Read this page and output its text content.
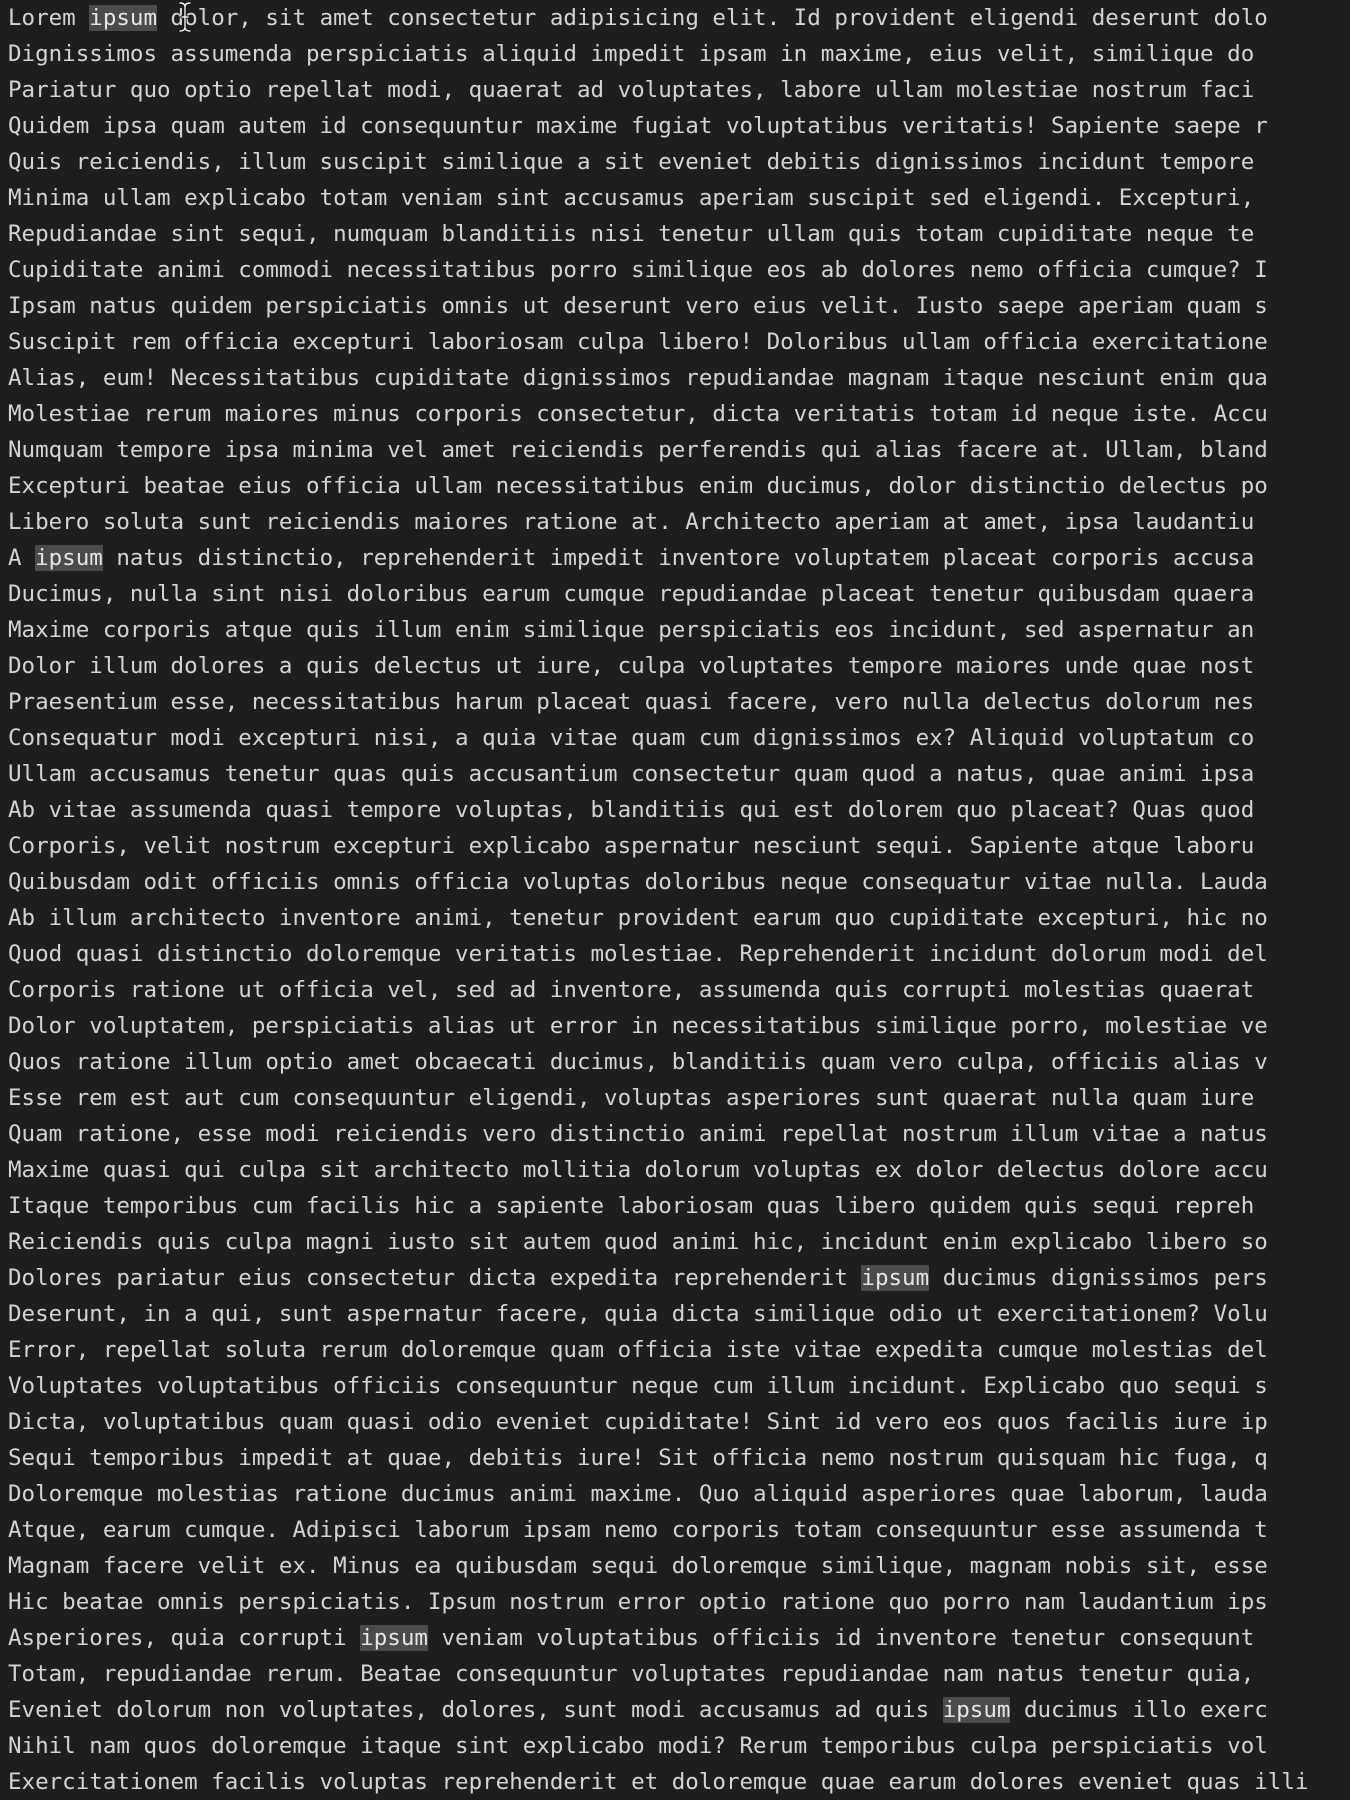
Lorem ipsum dolor, sit amet consectetur adipisicing elit. Id provident eligendi deserunt dolo
Dignissimos assumenda perspiciatis aliquid impedit ipsam in maxime, eius velit, similique do
Pariatur quo optio repellat modi, quaerat ad voluptates, labore ullam molestiae nostrum faci
Quidem ipsa quam autem id consequuntur maxime fugiat voluptatibus veritatis! Sapiente saepe r
Quis reiciendis, illum suscipit similique a sit eveniet debitis dignissimos incidunt tempore
Minima ullam explicabo totam veniam sint accusamus aperiam suscipit sed eligendi. Excepturi,
Repudiandae sint sequi, numquam blanditiis nisi tenetur ullam quis totam cupiditate neque te
Cupiditate animi commodi necessitatibus porro similique eos ab dolores nemo officia cumque? I
Ipsam natus quidem perspiciatis omnis ut deserunt vero eius velit. Iusto saepe aperiam quam s
Suscipit rem officia excepturi laboriosam culpa libero! Doloribus ullam officia exercitatione
Alias, eum! Necessitatibus cupiditate dignissimos repudiandae magnam itaque nesciunt enim qua
Molestiae rerum maiores minus corporis consectetur, dicta veritatis totam id neque iste. Accu
Numquam tempore ipsa minima vel amet reiciendis perferendis qui alias facere at. Ullam, bland
Excepturi beatae eius officia ullam necessitatibus enim ducimus, dolor distinctio delectus po
Libero soluta sunt reiciendis maiores ratione at. Architecto aperiam at amet, ipsa laudantiu
A ipsum natus distinctio, reprehenderit impedit inventore voluptatem placeat corporis accusa
Ducimus, nulla sint nisi doloribus earum cumque repudiandae placeat tenetur quibusdam quaera
Maxime corporis atque quis illum enim similique perspiciatis eos incidunt, sed aspernatur an
Dolor illum dolores a quis delectus ut iure, culpa voluptates tempore maiores unde quae nost
Praesentium esse, necessitatibus harum placeat quasi facere, vero nulla delectus dolorum nes
Consequatur modi excepturi nisi, a quia vitae quam cum dignissimos ex? Aliquid voluptatum co
Ullam accusamus tenetur quas quis accusantium consectetur quam quod a natus, quae animi ipsa
Ab vitae assumenda quasi tempore voluptas, blanditiis qui est dolorem quo placeat? Quas quod
Corporis, velit nostrum excepturi explicabo aspernatur nesciunt sequi. Sapiente atque laboru
Quibusdam odit officiis omnis officia voluptas doloribus neque consequatur vitae nulla. Lauda
Ab illum architecto inventore animi, tenetur provident earum quo cupiditate excepturi, hic no
Quod quasi distinctio doloremque veritatis molestiae. Reprehenderit incidunt dolorum modi del
Corporis ratione ut officia vel, sed ad inventore, assumenda quis corrupti molestias quaerat
Dolor voluptatem, perspiciatis alias ut error in necessitatibus similique porro, molestiae ve
Quos ratione illum optio amet obcaecati ducimus, blanditiis quam vero culpa, officiis alias v
Esse rem est aut cum consequuntur eligendi, voluptas asperiores sunt quaerat nulla quam iure
Quam ratione, esse modi reiciendis vero distinctio animi repellat nostrum illum vitae a natus
Maxime quasi qui culpa sit architecto mollitia dolorum voluptas ex dolor delectus dolore accu
Itaque temporibus cum facilis hic a sapiente laboriosam quas libero quidem quis sequi repreh
Reiciendis quis culpa magni iusto sit autem quod animi hic, incidunt enim explicabo libero so
Dolores pariatur eius consectetur dicta expedita reprehenderit ipsum ducimus dignissimos pers
Deserunt, in a qui, sunt aspernatur facere, quia dicta similique odio ut exercitationem? Volu
Error, repellat soluta rerum doloremque quam officia iste vitae expedita cumque molestias del
Voluptates voluptatibus officiis consequuntur neque cum illum incidunt. Explicabo quo sequi s
Dicta, voluptatibus quam quasi odio eveniet cupiditate! Sint id vero eos quos facilis iure ip
Sequi temporibus impedit at quae, debitis iure! Sit officia nemo nostrum quisquam hic fuga, q
Doloremque molestias ratione ducimus animi maxime. Quo aliquid asperiores quae laborum, lauda
Atque, earum cumque. Adipisci laborum ipsam nemo corporis totam consequuntur esse assumenda t
Magnam facere velit ex. Minus ea quibusdam sequi doloremque similique, magnam nobis sit, esse
Hic beatae omnis perspiciatis. Ipsum nostrum error optio ratione quo porro nam laudantium ips
Asperiores, quia corrupti ipsum veniam voluptatibus officiis id inventore tenetur consequunt
Totam, repudiandae rerum. Beatae consequuntur voluptates repudiandae nam natus tenetur quia,
Eveniet dolorum non voluptates, dolores, sunt modi accusamus ad quis ipsum ducimus illo exerc
Nihil nam quos doloremque itaque sint explicabo modi? Rerum temporibus culpa perspiciatis vol
Exercitationem facilis voluptas reprehenderit et doloremque quae earum dolores eveniet quas illi
